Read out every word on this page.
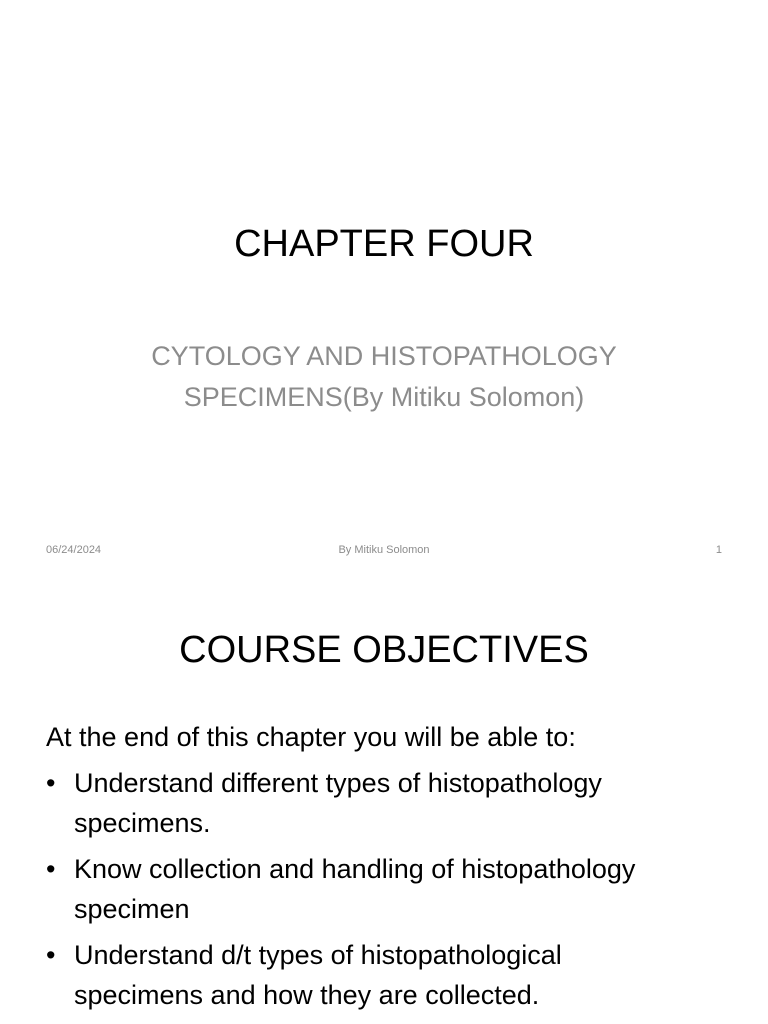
CHAPTER FOUR
CYTOLOGY AND HISTOPATHOLOGY
SPECIMENS(By Mitiku Solomon)
06/24/2024	By Mitiku Solomon	1
COURSE OBJECTIVES

At the end of this chapter you will be able to:

• Understand different types of histopathology
specimens.
• Know collection and handling of histopathology
specimen
• Understand d/t types of histopathological
specimens and how they are collected.
